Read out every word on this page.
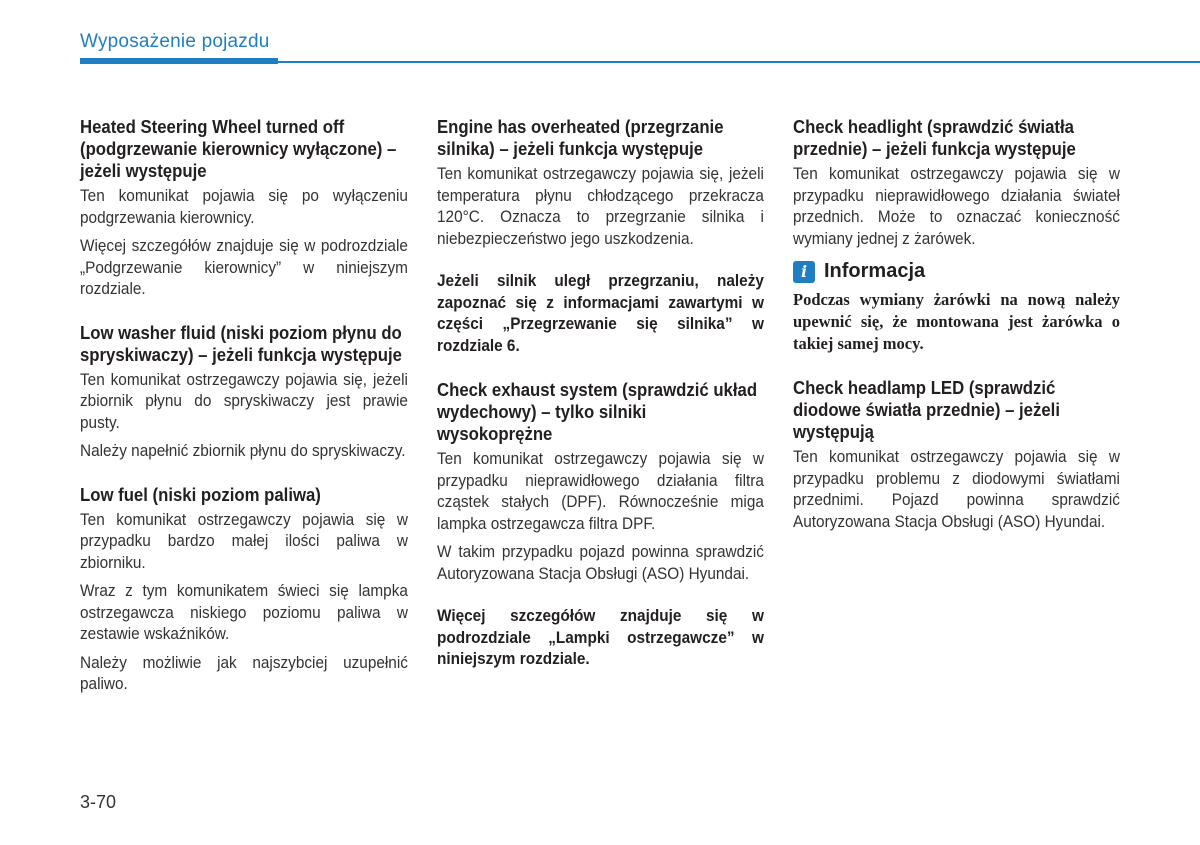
Wyposażenie pojazdu
Heated Steering Wheel turned off (podgrzewanie kierownicy wyłączone) – jeżeli występuje

Ten komunikat pojawia się po wyłączeniu podgrzewania kierownicy.

Więcej szczegółów znajduje się w podrozdziale „Podgrzewanie kierownicy” w niniejszym rozdziale.

Low washer fluid (niski poziom płynu do spryskiwaczy) – jeżeli funkcja występuje

Ten komunikat ostrzegawczy pojawia się, jeżeli zbiornik płynu do spryskiwaczy jest prawie pusty.

Należy napełnić zbiornik płynu do spryskiwaczy.

Low fuel (niski poziom paliwa)

Ten komunikat ostrzegawczy pojawia się w przypadku bardzo małej ilości paliwa w zbiorniku.

Wraz z tym komunikatem świeci się lampka ostrzegawcza niskiego poziomu paliwa w zestawie wskaźników.

Należy możliwie jak najszybciej uzupełnić paliwo.

Engine has overheated (przegrzanie silnika) – jeżeli funkcja występuje

Ten komunikat ostrzegawczy pojawia się, jeżeli temperatura płynu chłodzącego przekracza 120°C. Oznacza to przegrzanie silnika i niebezpieczeństwo jego uszkodzenia.

Jeżeli silnik uległ przegrzaniu, należy zapoznać się z informacjami zawartymi w części „Przegrzewanie się silnika” w rozdziale 6.

Check exhaust system (sprawdzić układ wydechowy) – tylko silniki wysokoprężne

Ten komunikat ostrzegawczy pojawia się w przypadku nieprawidłowego działania filtra cząstek stałych (DPF). Równocześnie miga lampka ostrzegawcza filtra DPF.

W takim przypadku pojazd powinna sprawdzić Autoryzowana Stacja Obsługi (ASO) Hyundai.

Więcej szczegółów znajduje się w podrozdziale „Lampki ostrzegawcze” w niniejszym rozdziale.

Check headlight (sprawdzić światła przednie) – jeżeli funkcja występuje

Ten komunikat ostrzegawczy pojawia się w przypadku nieprawidłowego działania świateł przednich. Może to oznaczać konieczność wymiany jednej z żarówek.

i Informacja

Podczas wymiany żarówki na nową należy upewnić się, że montowana jest żarówka o takiej samej mocy.

Check headlamp LED (sprawdzić diodowe światła przednie) – jeżeli występują

Ten komunikat ostrzegawczy pojawia się w przypadku problemu z diodowymi światłami przednimi. Pojazd powinna sprawdzić Autoryzowana Stacja Obsługi (ASO) Hyundai.

3-70
